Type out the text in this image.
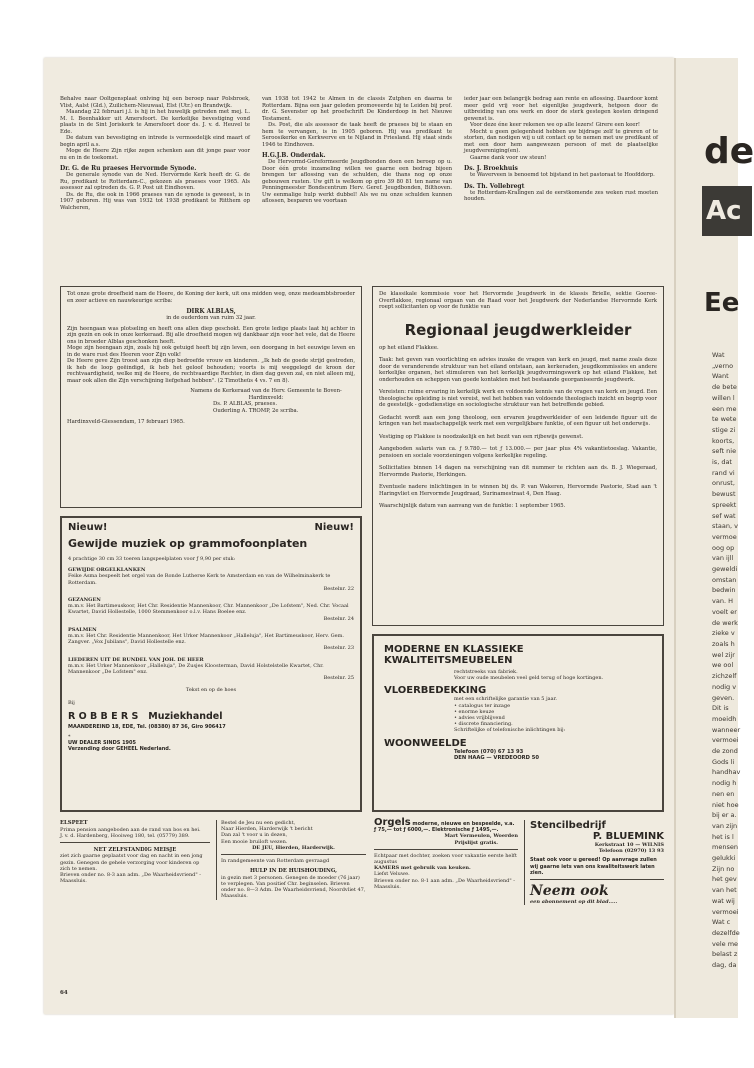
Behalve naar Ooltgensplaat onlving hij een beroep naar Polsbroek, Vlist, Aalst (Gld.), Zuilichem-Nieuwaal, Elst (Utr.) en Brandwijk.

Maandag 22 februari j.l. is hij in het huwelijk getreden met mej. L. M. I. Beenhakker uit Amersfoort. De kerkelijke bevestiging vond plaats in de Sint Joriskerk te Amersfoort door ds. J. v. d. Heuvel te Ede.

De datum van bevestiging en intrede is vermoedelijk eind maart of begin april a.s.

Moge de Heere Zijn rijke zegen schenken aan dit jonge paar voor nu en in de toekomst.

Dr. G. de Ru praeses Hervormde Synode.

De generale synode van de Ned. Hervormde Kerk heeft dr. G. de Ru, predikant te Rotterdam-C., gekozen als praeses voor 1965. Als assessor zal optreden ds. G. P. Post uit Eindhoven.

Ds. de Ru, die ook in 1966 praeses van de synode is geweest, is in 1907 geboren. Hij was van 1932 tot 1938 predikant te Ritthem op Walcheren,

van 1938 tot 1942 te Almen in de classis Zutphen en daarna te Rotterdam. Bijna een jaar geleden promoveerde hij te Leiden bij prof. dr. G. Sevenster op het proefschrift De Kinderdoop in het Nieuwe Testament.

Ds. Post, die als assessor de taak heeft de praeses bij te staan en hem te vervangen, is in 1905 geboren. Hij was predikant te Seroosikerke en Kerkwerve en te Nijland in Friesland. Hij staat sinds 1946 te Eindhoven.

H.G.J.B. Onderdak.

De Hervormd-Gereformeerde Jeugdbonden doen een beroep op u. Door één grote inzameling willen we gaarne een bedrag bijeen brengen ter aflossing van de schulden, die thans nog op onze gebouwen rusten. Uw gift is welkom op giro 39 80 81 ten name van Penningmeester Bondscentrum Herv. Geref. Jeugdbonden, Bilthoven. Uw eenmalige hulp werkt dubbel! Als we nu onze schulden kunnen aflossen, besparen we voortaan

ieder jaar een belangrijk bedrag aan rente en aflossing. Daardoor komt meer geld vrij voor het eigenlijke jeugdwerk, hetgeen door de uitbreiding van ons werk en door de sterk gestegen kosten dringend gewenst is.

Voor deze éne keer rekenen we op alle lezers! Girere een keer!

Mocht u geen gelegenheid hebben uw bijdrage zelf te gireren of te storten, dan nodigen wij u uit contact op te nemen met uw predikant of met een door hem aangewezen persoon of met de plaatselijke jeugdvereniging(en).

Gaarne dank voor uw steun!

Ds. J. Broekhuis

te Waverveen is benoemd tot bijstand in het pastoraat te Hoofddorp.

Ds. Th. Vollebregt

te Rotterdam-Kralingen zal de eerstkomende zes weken rust moeten houden.

Tot onze grote droefheid nam de Heere, de Koning der kerk, uit ons midden weg, onze medeambtsbroeder en zeer actieve en nauwkeurige scriba:

DIRK ALBLAS,

in de ouderdom van ruim 32 jaar.

Zijn heengaan was plotseling en heeft ons allen diep geschokt. Een grote ledige plaats laat hij achter in zijn gezin en ook in onze kerkeraad. Bij alle droefheid mogen wij dankbaar zijn voor het vele, dat de Heere ons in broeder Alblas geschonken heeft.

Moge zijn heengaan zijn, zoals hij ook getuigd heeft bij zijn leven, een doorgang in het eeuwige leven en in de ware rust des Heeren voor Zijn volk!

De Heere geve Zijn troost aan zijn diep bedroefde vrouw en kinderen. „Ik heb de goede strijd gestreden, ik heb de loop geëindigd, ik heb het geloof behouden; voorts is mij weggelegd de kroon der rechtvaardigheid, welke mij de Heere, de rechtvaardige Rechter, in dien dag geven zal, en niet alleen mij, maar ook allen die Zijn verschijning liefgehad hebben". (2 Timotheüs 4 vs. 7 en 8).

Namens de Kerkeraad van de Herv. Gemeente te Boven-Hardinxveld:

Ds. P. ALBLAS, praeses.

Ouderling A. TROMP, 2e scriba.

Hardinxveld-Giessendam, 17 februari 1965.

Nieuw!	Nieuw!

Gewijde muziek op grammofoonplaten

4 prachtige 30 cm 33 toeren langspeelplaten voor ƒ 9,90 per stuk:

GEWIJDE ORGELKLANKEN

Feike Asma bespeelt het orgel van de Ronde Lutherse Kerk te Amsterdam en van de Wilhelminakerk te Rotterdam.

Bestelnr. 22

GEZANGEN

m.m.v. Het Bartimeuskoor, Het Chr. Residentie Mannenkoor, Chr. Mannenkoor „De Lofstem", Ned. Chr. Vocaal Kwartet, David Hollestelle, 1000 Stemmenkoor o.l.v. Hans Boelee enz.

Bestelnr. 24

PSALMEN

m.m.v. Het Chr. Residentie Mannenkoor, Het Urker Mannenkoor „Halleluja", Het Bartimeuskoor, Herv. Gem. Zangver. „Vox Jubilans", David Hollestelle enz.

Bestelnr. 23

LIEDEREN UIT DE BUNDEL VAN JOH. DE HEER

m.m.v. Het Urker Mannenkoor „Halleluja", De Zusjes Kloosterman, David Holstelstelle Kwartet, Chr. Mannenkoor „De Lofstem" enz.

Bestelnr. 25

Tekst en op de hoes

Bij

R O B B E R S   Muziekhandel

MAANDEREIND 18, EDE, Tel. (08380) 87 36, Giro 906417

*

UW DEALER SINDS 1905

Verzending door GEHEEL Nederland.

De klassikale kommissie voor het Hervormde Jeugdwerk in de klassis Brielle, sektie Goeree-Overflakkee, regionaal orgaan van de Raad voor het Jeugdwerk der Nederlandse Hervormde Kerk roept sollicitanten op voor de funktie van

Regionaal jeugdwerkleider

op het eiland Flakkee.

Taak: het geven van voorlichting en advies inzake de vragen van kerk en jeugd, met name zoals deze door de veranderende struktuur van het eiland ontstaan, aan kerkeraden, jeugdkommissies en andere kerkelijke organen, het stimuleren van het kerkelijk jeugdvormingswerk op het eiland Flakkee, het onderhouden en scheppen van goede kontakten met het bestaande georganiseerde jeugdwerk.

Vereisten: ruime ervaring in kerkelijk werk en voldoende kennis van de vragen van kerk en jeugd. Een theologische opleiding is niet vereist, wel het hebben van voldoende theologisch inzicht en begrip voor de geestelijk - godsdienstige en sociologische struktuur van het betreffende gebied.

Gedacht wordt aan een jong theoloog, een ervaren jeugdwerkleider of een leidende figuur uit de kringen van het maatschappelijk werk met een vergelijkbare funktie, of een figuur uit het onderwijs.

Vestiging op Flakkee is noodzakelijk en het bezit van een rijbewijs gewenst.

Aangeboden salaris van ca. ƒ 9.780.— tot ƒ 13.000.— per jaar plus 4% vakantietoeslag. Vakantie, pensioen en sociale voorzieningen volgens kerkelijke regeling.

Sollicitaties binnen 14 dagen na verschijning van dit nummer te richten aan ds. B. J. Wiegeraad, Hervormde Pastorie, Herkingen.

Eventuele nadere inlichtingen in te winnen bij ds. P. van Wakeren, Hervormde Pastorie, Stad aan 't Haringvliet en Hervormde Jeugdraad, Surinamestraat 4, Den Haag.

Waarschijnlijk datum van aanvang van de funktie: 1 september 1965.

MODERNE EN KLASSIEKE

KWALITEITSMEUBELEN

rechtstreeks van fabriek.

Voor uw oude meubelen veel geld terug of hoge kortingen.

VLOERBEDEKKING

met een schriftelijke garantie van 5 jaar.

• catalogus ter inzage

• enorme keuze

• advies vrijblijvend

• discrete financiering.

Schriftelijke of telefonische inlichtingen bij:

WOONWEELDE

Telefoon (070) 67 13 93

DEN HAAG — VREDEOORD 50

ELSPEET

Prima pension aangeboden aan de rand van bos en hei.
J. v. d. Hardenberg, Hooiweg 180, tel. (05779) 389.

NET ZELFSTANDIG MEISJE

ziet zich gaarne geplaatst voor dag en nacht in een jong gezin. Genegen de gehele verzorging voor kinderen op zich te nemen.
Brieven onder no. 8-3 aan adm. „De Waarheidsvriend" - Maassluis.

Bestel de Jeu nu een gedicht,
Naar Hierden, Harderwijk 't bericht
Dan zal 't voor u in dezen,
Een mooie bruiloft wezen.

DE JEU, Hierden, Harderwijk.

In randgemeente van Rotterdam gevraagd

HULP IN DE HUISHOUDING,

in gezin met 3 personen. Genegen de moeder (76 jaar) te verplegen. Van positief Chr. beginselen. Brieven onder no. 8—3 Adm. De Waarheidsvriend, Noordvliet 47, Maassluis.

Orgels moderne, nieuwe en bespeelde, v.a. ƒ 75,— tot ƒ 6000,—. Elektronische ƒ 1495,—.

Mart Vermeulen, Woerden

Prijslijst gratis.

Echtpaar met dochter, zoeken voor vakantie eerste helft augustus

KAMERS met gebruik van keuken.

Liefst Veluwe.
Brieven onder no. 8-1 aan adm. „De Waarheidsvriend" - Maassluis.

Stencilbedrijf

P. BLUEMINK

Kerkstraat 10 — WILNIS
Telefoon (02970) 13 93

Staat ook voor u gereed! Op aanvrage zullen wij gaarne iets van ons kwaliteitswerk laten zien.

Neem ook

een abonnement op dit blad.....

64

de

Ac

Ee

Wat
„verno
Want
de bete
willen l
een me
te wete
stige zi
koorts,
seft nie
is, dat
rand vi
onrust,
bewust
spreekt
sef wat
staan, v
vermoe
oog op
van ijll
geweldi
omstan
bedwin
van. H
voelt er
de werk
zieke v
zoals h
wel zijr
we ool
zichzelf
nodig v
geven.
Dit is
moeidh
wanneer
vermoei
de zond
Gods li
handhav
nodig h
nen en
niet hoe
bij er a.
van zijn
het is l
mensen
gelukki
Zijn no
het gev
van het
wat wij
vermoei
Wat c
dezelfde
vele me
belast z
dag, da
